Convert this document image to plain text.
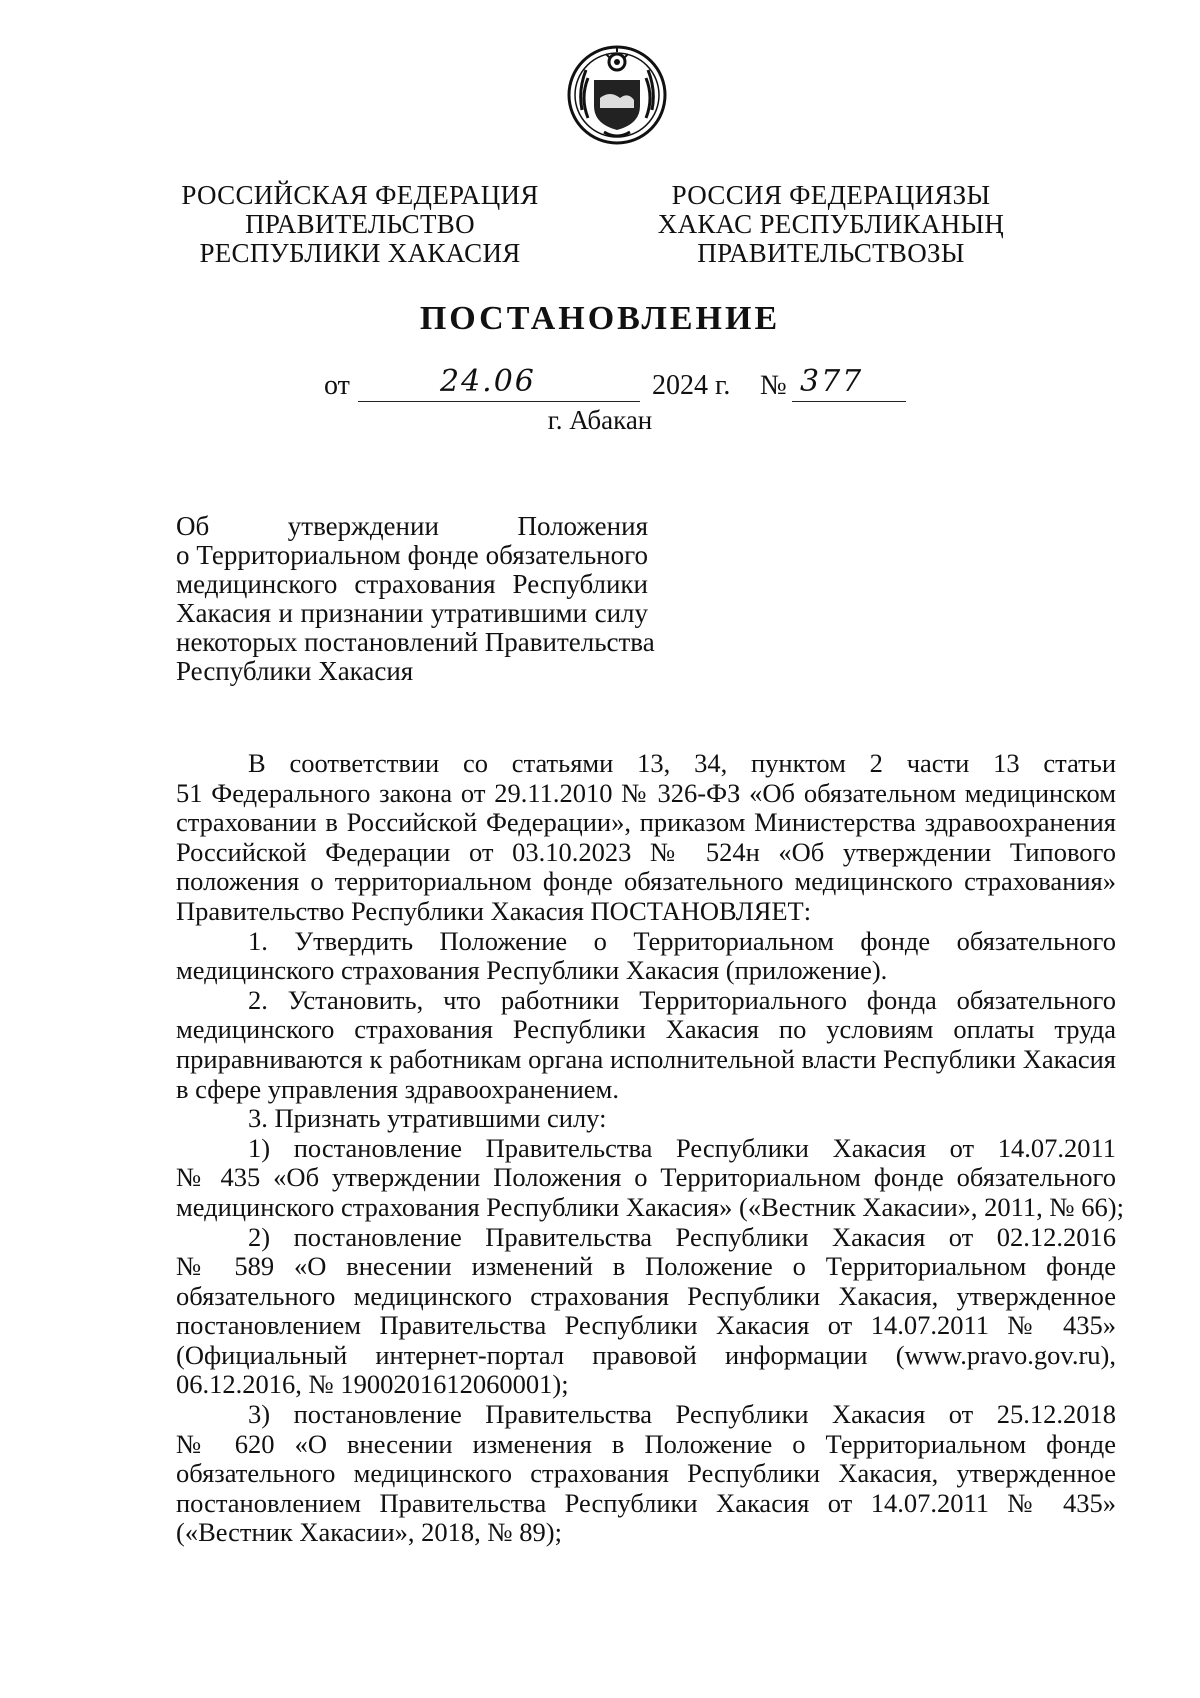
РОССИЙСКАЯ ФЕДЕРАЦИЯ
ПРАВИТЕЛЬСТВО
РЕСПУБЛИКИ ХАКАСИЯ
РОССИЯ ФЕДЕРАЦИЯЗЫ
ХАКАС РЕСПУБЛИКАНЫҢ
ПРАВИТЕЛЬСТВОЗЫ
ПОСТАНОВЛЕНИЕ
от	24.06	2024 г. № 377
г. Абакан
Об утверждении Положения
о Территориальном фонде обязательного
медицинского страхования Республики
Хакасия и признании утратившими силу
некоторых постановлений Правительства
Республики Хакасия
В соответствии со статьями 13, 34, пунктом 2 части 13 статьи
51 Федерального закона от 29.11.2010 № 326-ФЗ «Об обязательном медицинском
страховании в Российской Федерации», приказом Министерства здравоохранения
Российской Федерации от 03.10.2023 № 524н «Об утверждении Типового
положения о территориальном фонде обязательного медицинского страхования»
Правительство Республики Хакасия ПОСТАНОВЛЯЕТ:
1. Утвердить Положение о Территориальном фонде обязательного
медицинского страхования Республики Хакасия (приложение).
2. Установить, что работники Территориального фонда обязательного
медицинского страхования Республики Хакасия по условиям оплаты труда
приравниваются к работникам органа исполнительной власти Республики Хакасия
в сфере управления здравоохранением.
3. Признать утратившими силу:
1) постановление Правительства Республики Хакасия от 14.07.2011
№ 435 «Об утверждении Положения о Территориальном фонде обязательного
медицинского страхования Республики Хакасия» («Вестник Хакасии», 2011, № 66);
2) постановление Правительства Республики Хакасия от 02.12.2016
№ 589 «О внесении изменений в Положение о Территориальном фонде
обязательного медицинского страхования Республики Хакасия, утвержденное
постановлением Правительства Республики Хакасия от 14.07.2011 № 435»
(Официальный интернет-портал правовой информации (www.pravo.gov.ru),
06.12.2016, № 1900201612060001);
3) постановление Правительства Республики Хакасия от 25.12.2018
№ 620 «О внесении изменения в Положение о Территориальном фонде
обязательного медицинского страхования Республики Хакасия, утвержденное
постановлением Правительства Республики Хакасия от 14.07.2011 № 435»
(«Вестник Хакасии», 2018, № 89);
